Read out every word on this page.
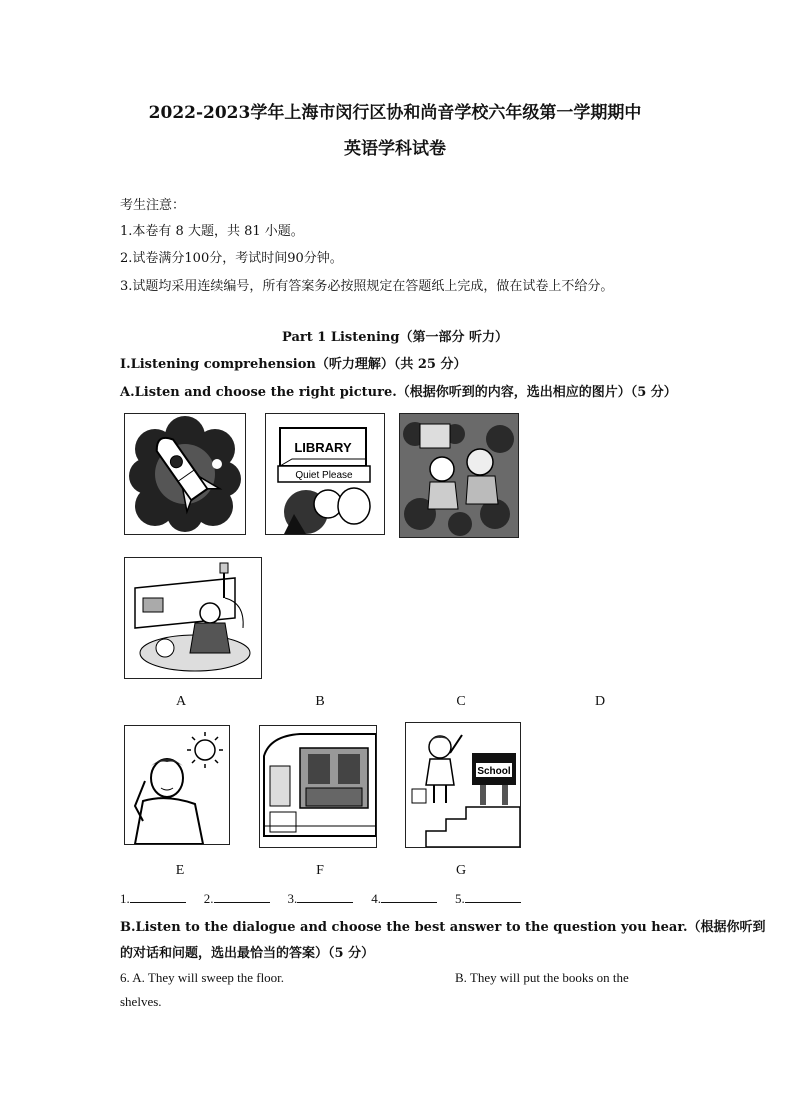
2022-2023学年上海市闵行区协和尚音学校六年级第一学期期中
英语学科试卷
考生注意：
1.本卷有 8 大题，共 81 小题。
2.试卷满分100分，考试时间90分钟。
3.试题均采用连续编号，所有答案务必按照规定在答题纸上完成，做在试卷上不给分。
Part 1 Listening（第一部分 听力）
Ⅰ.Listening comprehension（听力理解）（共 25 分）
A.Listen and choose the right picture.（根据你听到的内容，选出相应的图片）（5 分）
LIBRARY
Quiet Please
A	B	C	D
School
E	F	G
1.	2.	3.	4.	5.
B.Listen to the dialogue and choose the best answer to the question you hear.（根据你听到
的对话和问题，选出最恰当的答案）（5 分）
6. A. They will sweep the floor.	B. They will put the books on the
shelves.
